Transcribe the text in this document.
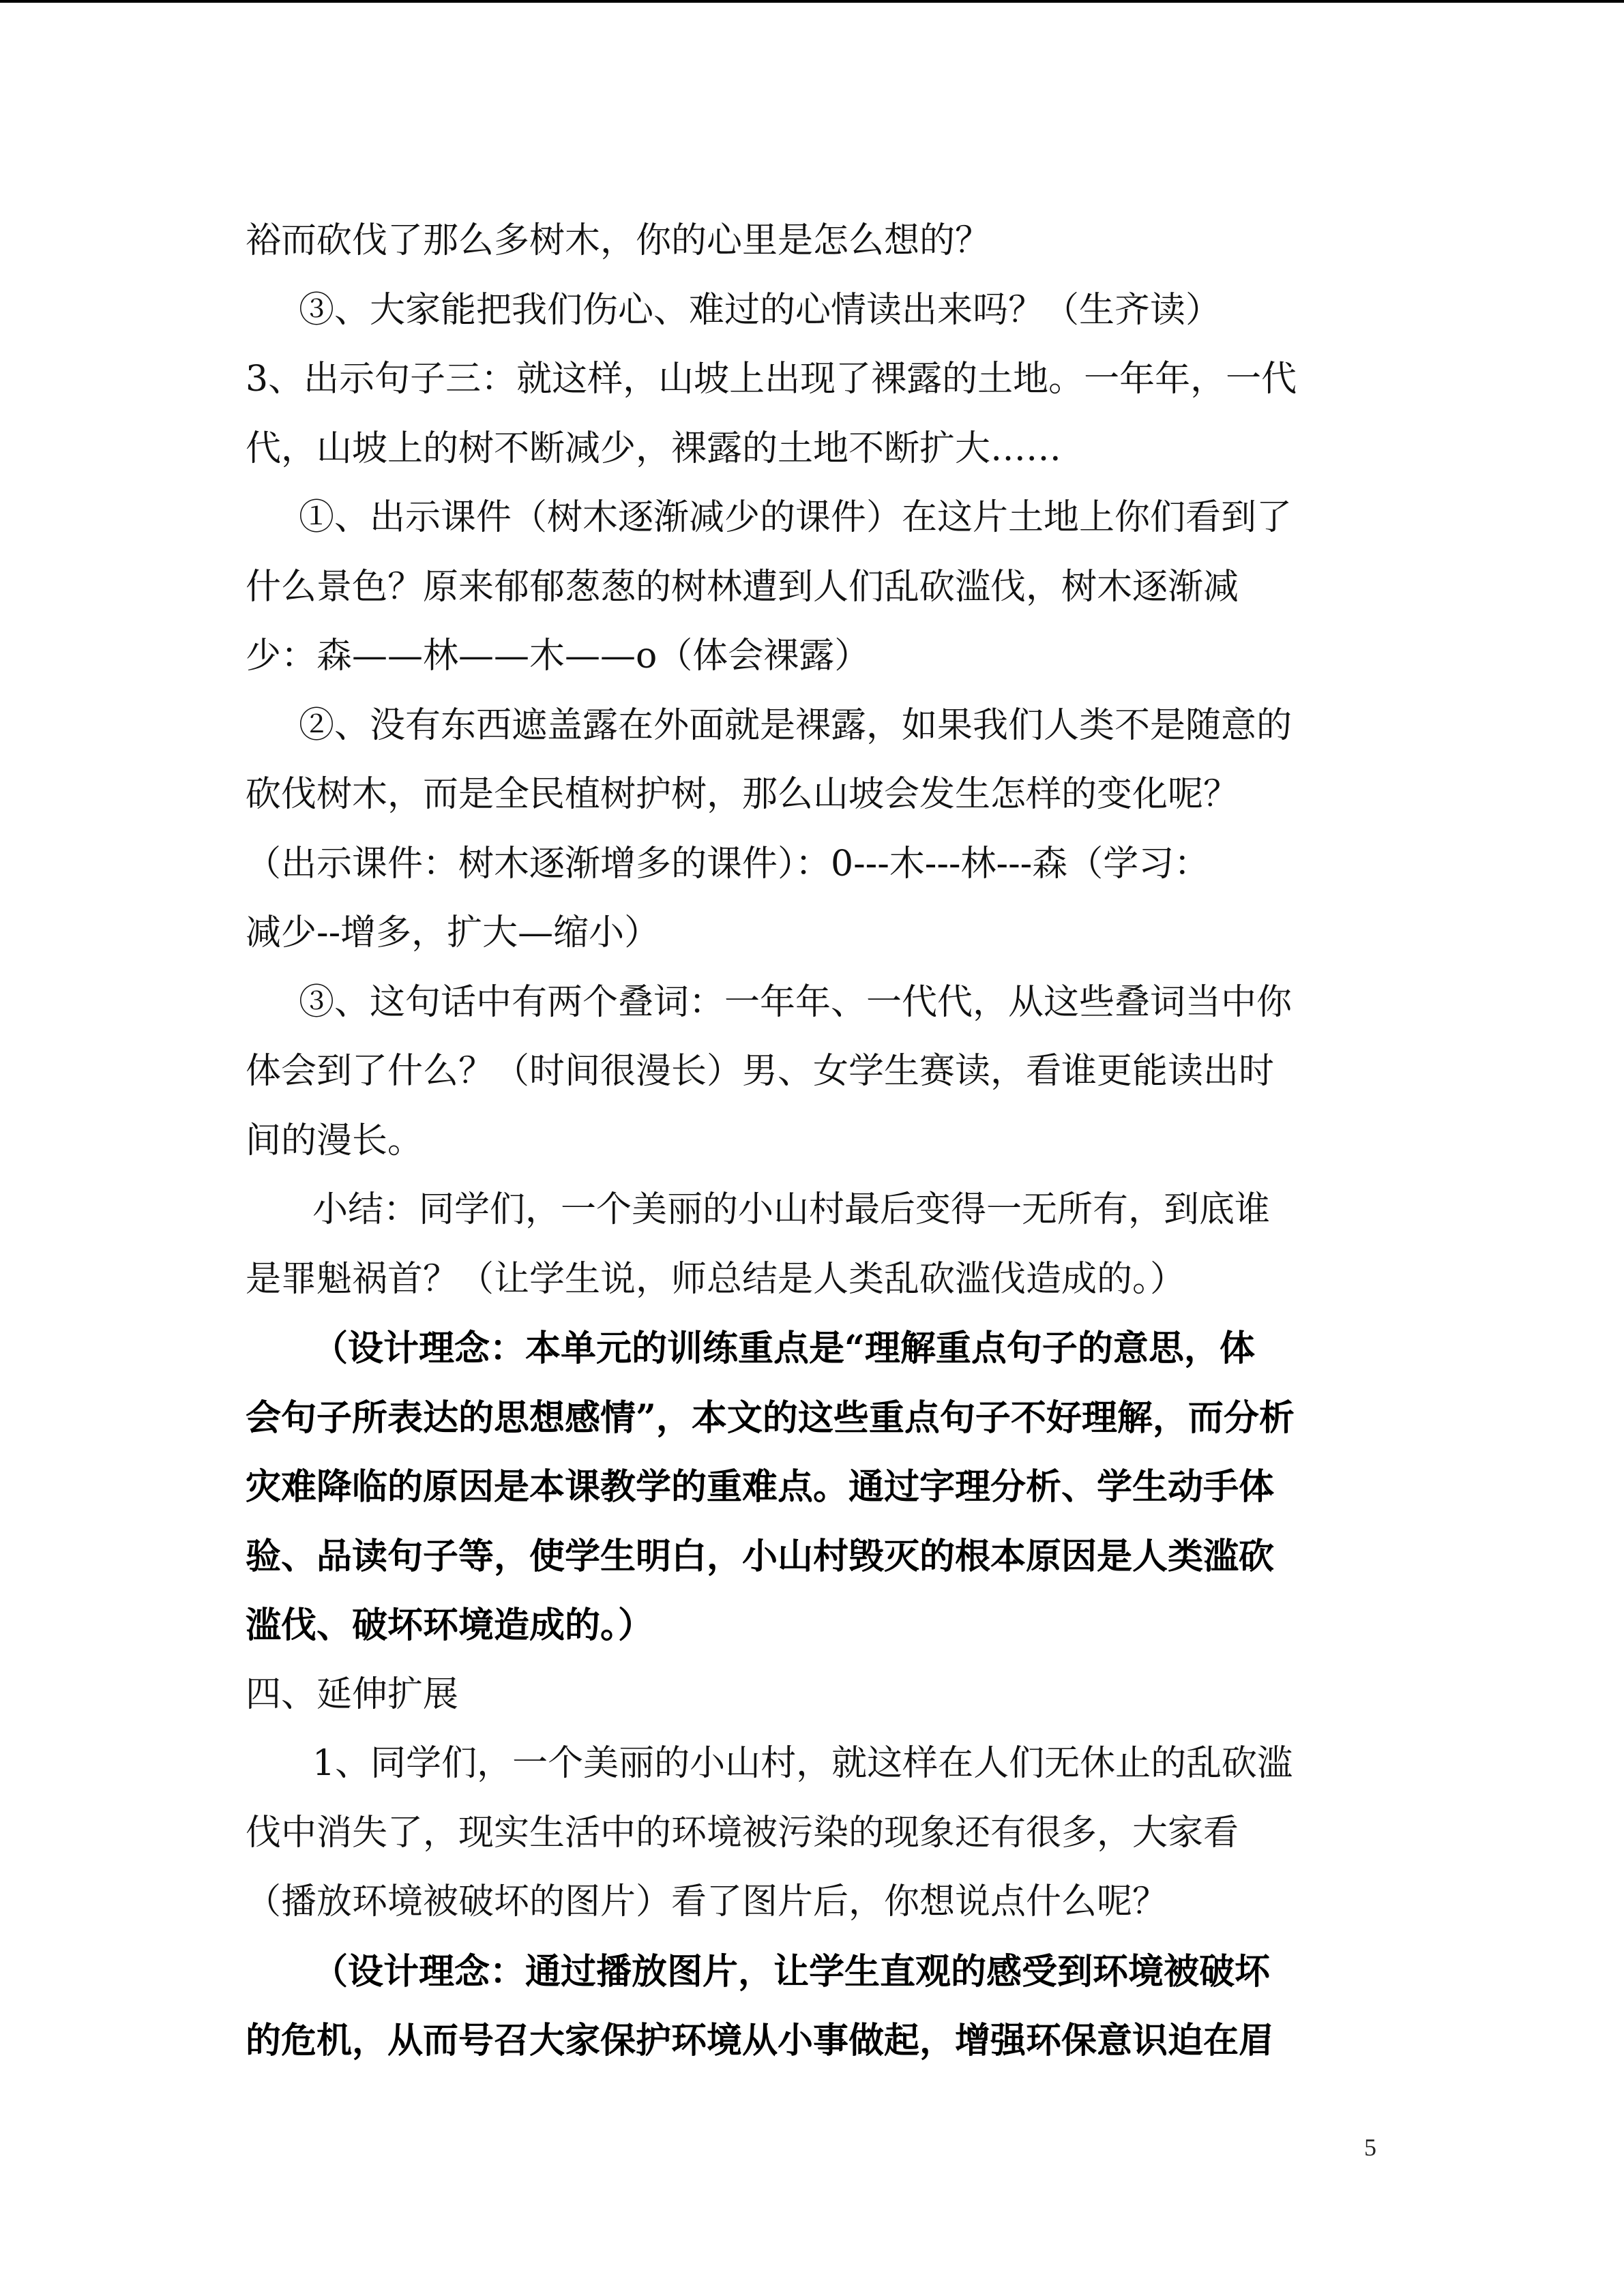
裕而砍伐了那么多树木，你的心里是怎么想的？
③、大家能把我们伤心、难过的心情读出来吗？（生齐读）
3、出示句子三：就这样，山坡上出现了裸露的土地。一年年，一代
代，山坡上的树不断减少，裸露的土地不断扩大……
①、出示课件（树木逐渐减少的课件）在这片土地上你们看到了
什么景色？原来郁郁葱葱的树林遭到人们乱砍滥伐，树木逐渐减
少：森——林——木——o（体会裸露）
②、没有东西遮盖露在外面就是裸露，如果我们人类不是随意的
砍伐树木，而是全民植树护树，那么山坡会发生怎样的变化呢？
（出示课件：树木逐渐增多的课件）：0---木---林---森（学习：
减少--增多，扩大—缩小）
③、这句话中有两个叠词：一年年、一代代，从这些叠词当中你
体会到了什么？（时间很漫长）男、女学生赛读，看谁更能读出时
间的漫长。
小结：同学们，一个美丽的小山村最后变得一无所有，到底谁
是罪魁祸首？（让学生说，师总结是人类乱砍滥伐造成的。）
（设计理念：本单元的训练重点是“理解重点句子的意思，体
会句子所表达的思想感情”，本文的这些重点句子不好理解，而分析
灾难降临的原因是本课教学的重难点。通过字理分析、学生动手体
验、品读句子等，使学生明白，小山村毁灭的根本原因是人类滥砍
滥伐、破坏环境造成的。）
四、延伸扩展
1、同学们，一个美丽的小山村，就这样在人们无休止的乱砍滥
伐中消失了，现实生活中的环境被污染的现象还有很多，大家看
（播放环境被破坏的图片）看了图片后，你想说点什么呢？
（设计理念：通过播放图片，让学生直观的感受到环境被破坏
的危机，从而号召大家保护环境从小事做起，增强环保意识迫在眉
5
